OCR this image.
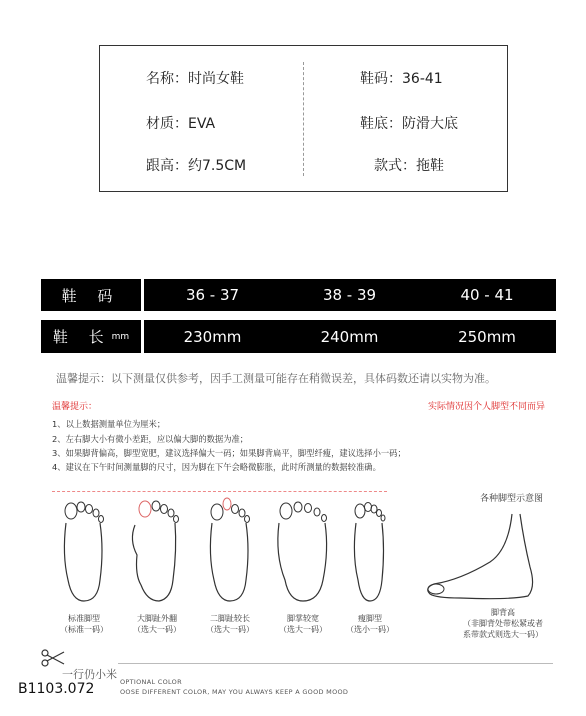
名称：时尚女鞋
材质：EVA
跟高：约7.5CM
鞋码：36-41
鞋底：防滑大底
款式：拖鞋
鞋 码	36 - 37	38 - 39	40 - 41
鞋 长 mm	230mm	240mm	250mm
温馨提示：以下测量仅供参考，因手工测量可能存在稍微误差，具体码数还请以实物为准。
温馨提示：	实际情况因个人脚型不同而异
1、以上数据测量单位为厘米；
2、左右脚大小有微小差距，应以偏大脚的数据为准；
3、如果脚背偏高，脚型宽肥，建议选择偏大一码；如果脚背扁平，脚型纤瘦，建议选择小一码；
4、建议在下午时间测量脚的尺寸，因为脚在下午会略微膨胀，此时所测量的数据较准确。
各种脚型示意图
标准脚型
（标准一码）
大脚趾外翻
（选大一码）
二脚趾较长
（选大一码）
脚掌较宽
（选大一码）
瘦脚型
（选小一码）
脚背高
（非脚背处带松紧或者
系带款式则选大一码）
一行仍小米
B1103.072	OPTIONAL COLOR
OOSE DIFFERENT COLOR, MAY YOU ALWAYS KEEP A GOOD MOOD
